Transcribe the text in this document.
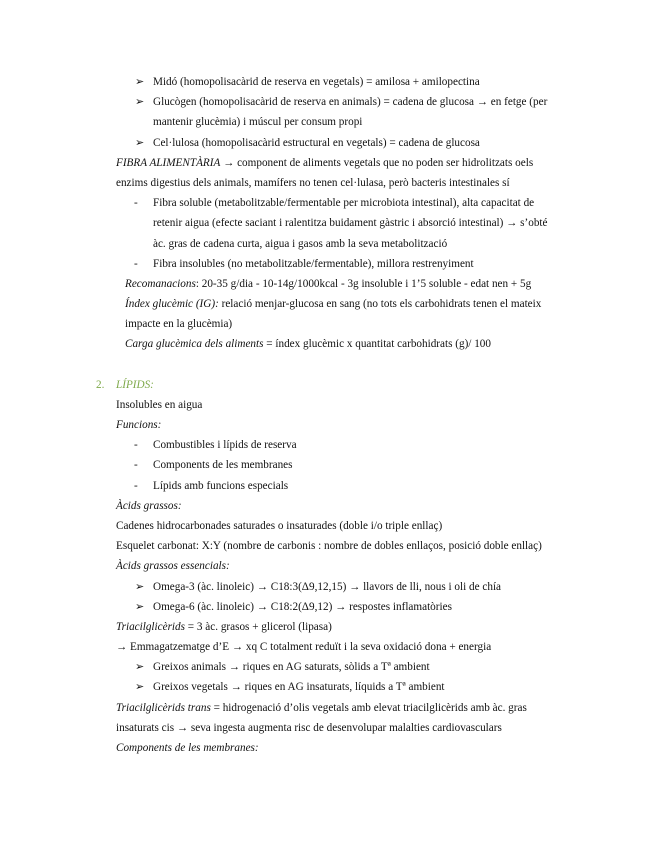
➢ Midó (homopolisacàrid de reserva en vegetals) = amilosa + amilopectina
➢ Glucògen (homopolisacàrid de reserva en animals) = cadena de glucosa → en fetge (per
mantenir glucèmia) i múscul per consum propi
➢ Cel·lulosa (homopolisacàrid estructural en vegetals) = cadena de glucosa
FIBRA ALIMENTÀRIA → component de aliments vegetals que no poden ser hidrolitzats oels
enzims digestius dels animals, mamífers no tenen cel·lulasa, però bacteris intestinales sí
- Fibra soluble (metabolitzable/fermentable per microbiota intestinal), alta capacitat de
retenir aigua (efecte saciant i ralentitza buidament gàstric i absorció intestinal) → s’obté
àc. gras de cadena curta, aigua i gasos amb la seva metabolització
- Fibra insolubles (no metabolitzable/fermentable), millora restrenyiment
Recomanacions: 20-35 g/dia - 10-14g/1000kcal - 3g insoluble i 1’5 soluble - edat nen + 5g
Índex glucèmic (IG): relació menjar-glucosa en sang (no tots els carbohidrats tenen el mateix
impacte en la glucèmia)
Carga glucèmica dels aliments = índex glucèmic x quantitat carbohidrats (g)/ 100
2. LÍPIDS:
Insolubles en aigua
Funcions:
- Combustibles i lípids de reserva
- Components de les membranes
- Lípids amb funcions especials
Àcids grassos:
Cadenes hidrocarbonades saturades o insaturades (doble i/o triple enllaç)
Esquelet carbonat: X:Y (nombre de carbonis : nombre de dobles enllaços, posició doble enllaç)
Àcids grassos essencials:
➢ Omega-3 (àc. linoleic) → C18:3(Δ9,12,15) → llavors de lli, nous i oli de chía
➢ Omega-6 (àc. linoleic) → C18:2(Δ9,12) → respostes inflamatòries
Triacilglicèrids = 3 àc. grasos + glicerol (lipasa)
→ Emmagatzematge d’E → xq C totalment reduït i la seva oxidació dona + energia
➢ Greixos animals → riques en AG saturats, sòlids a Tª ambient
➢ Greixos vegetals → riques en AG insaturats, líquids a Tª ambient
Triacilglicèrids trans = hidrogenació d’olis vegetals amb elevat triacilglicèrids amb àc. gras
insaturats cis → seva ingesta augmenta risc de desenvolupar malalties cardiovasculars
Components de les membranes:
